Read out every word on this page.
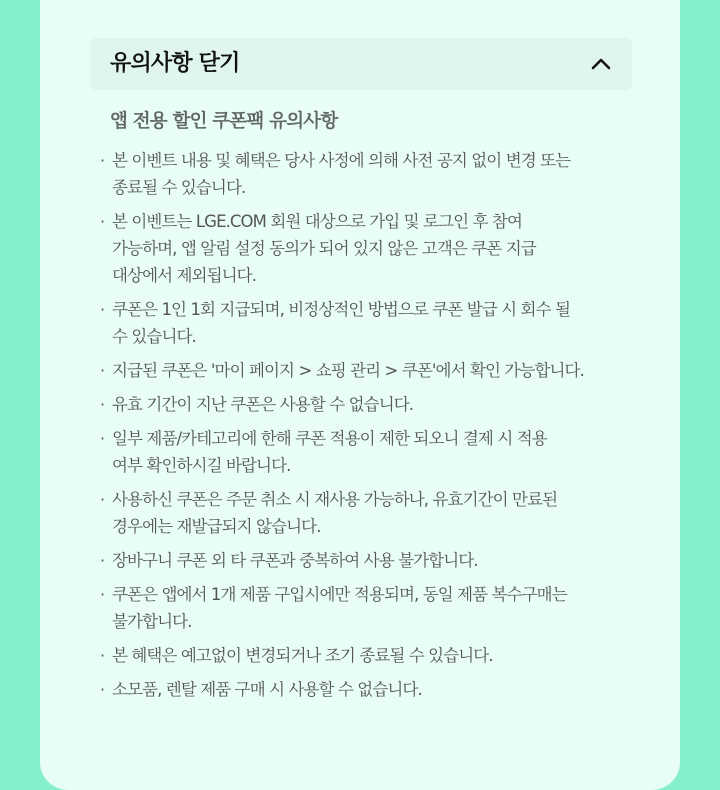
유의사항 닫기
앱 전용 할인 쿠폰팩 유의사항
· 본 이벤트 내용 및 혜택은 당사 사정에 의해 사전 공지 없이 변경 또는
종료될 수 있습니다.
· 본 이벤트는 LGE.COM 회원 대상으로 가입 및 로그인 후 참여
가능하며, 앱 알림 설정 동의가 되어 있지 않은 고객은 쿠폰 지급
대상에서 제외됩니다.
· 쿠폰은 1인 1회 지급되며, 비정상적인 방법으로 쿠폰 발급 시 회수 될
수 있습니다.
· 지급된 쿠폰은 '마이 페이지 > 쇼핑 관리 > 쿠폰'에서 확인 가능합니다.
· 유효 기간이 지난 쿠폰은 사용할 수 없습니다.
· 일부 제품/카테고리에 한해 쿠폰 적용이 제한 되오니 결제 시 적용
여부 확인하시길 바랍니다.
· 사용하신 쿠폰은 주문 취소 시 재사용 가능하나, 유효기간이 만료된
경우에는 재발급되지 않습니다.
· 장바구니 쿠폰 외 타 쿠폰과 중복하여 사용 불가합니다.
· 쿠폰은 앱에서 1개 제품 구입시에만 적용되며, 동일 제품 복수구매는
불가합니다.
· 본 혜택은 예고없이 변경되거나 조기 종료될 수 있습니다.
· 소모품, 렌탈 제품 구매 시 사용할 수 없습니다.
